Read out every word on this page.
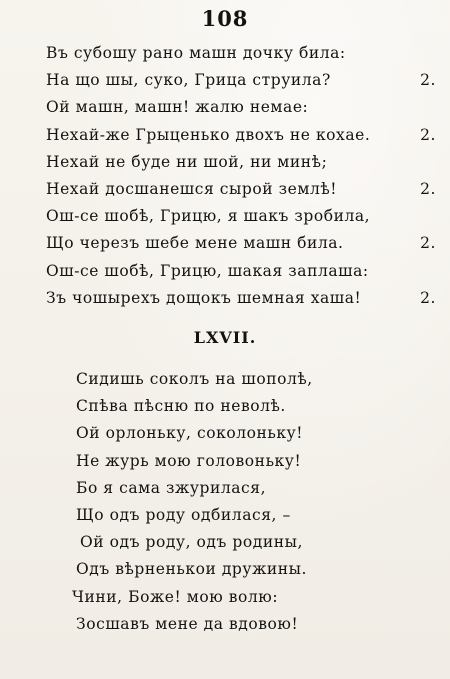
108
Въ субошу рано машн дочку била:
На що шы, суко, Грица струила?	2.
Ой машн, машн! жалю немае:
Нехай-же Грыценько двохъ не кохае.	2.
Нехай не буде ни шой, ни минѣ;
Нехай досшанешся сырой землѣ!	2.
Ош-се шобѣ, Грицю, я шакъ зробила,
Що черезъ шебе мене машн била.	2.
Ош-се шобѣ, Грицю, шакая заплаша:
Зъ чошырехъ дощокъ шемная хаша!	2.
LXVII.
Сидишь соколъ на шополѣ,
Спѣва пѣсню по неволѣ.
Ой орлоньку, соколоньку!
Не журь мою головоньку!
Бо я сама зжурилася,
Що одъ роду одбилася, –
Ой одъ роду, одъ родины,
Одъ вѣрненькои дружины.
Чини, Боже! мою волю:
Зосшавъ мене да вдовою!
